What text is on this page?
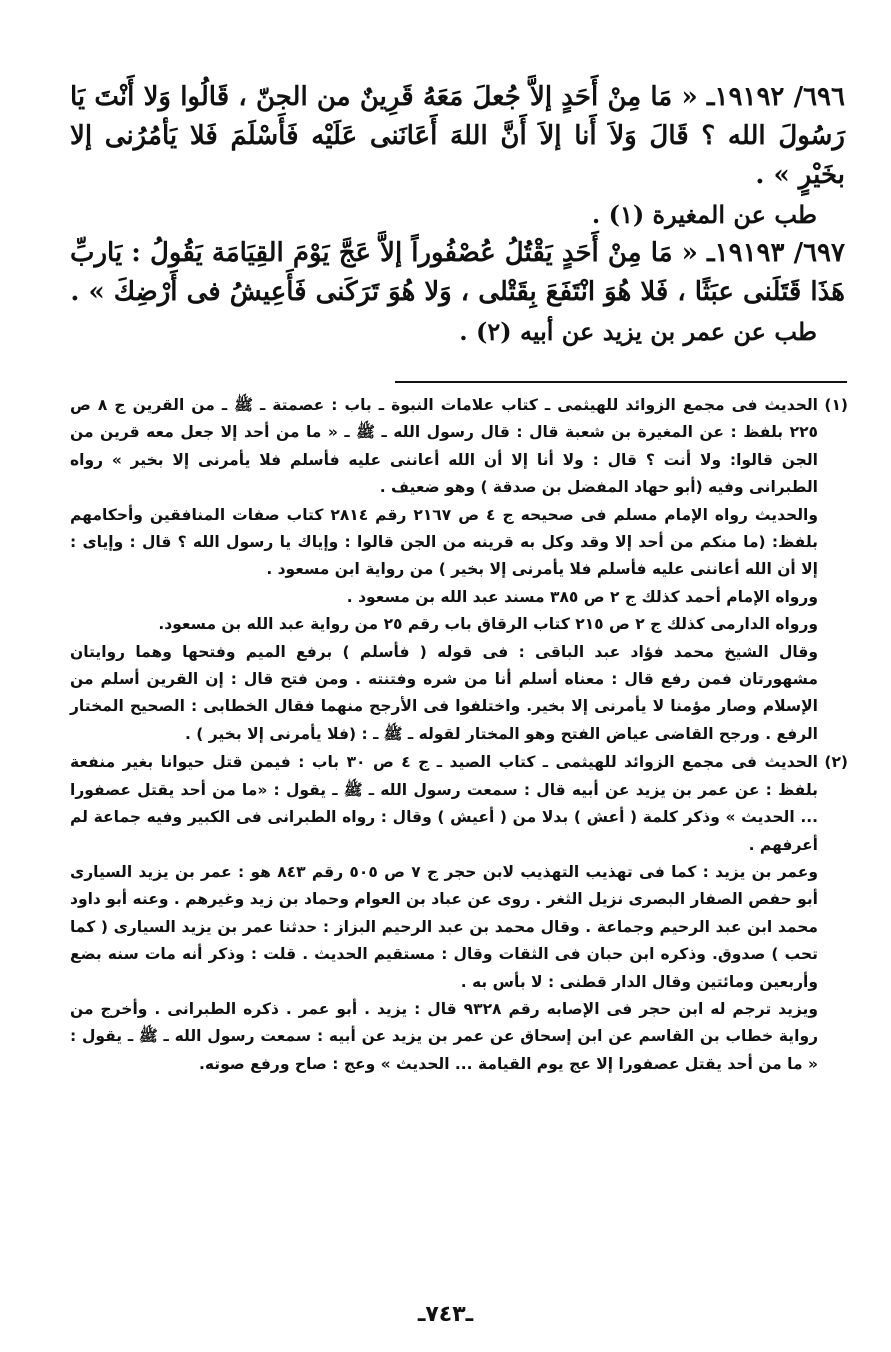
٦٩٦/ ١٩١٩٢ـ « مَا مِنْ أَحَدٍ إلاَّ جُعلَ مَعَهُ قَرِينٌ من الجنّ ، قَالُوا وَلا أَنْتَ يَا رَسُولَ الله ؟ قَالَ وَلاَ أَنا إلاَ أَنَّ اللهَ أَعَانَنى عَلَيْه فَأَسْلَمَ فَلا يَأمُرُنى إلا بخَيْرٍ » .

طب عن المغيرة (١) .

٦٩٧/ ١٩١٩٣ـ « مَا مِنْ أَحَدٍ يَقْتُلُ عُصْفُوراً إلاَّ عَجَّ يَوْمَ القِيَامَة يَقُولُ : يَاربِّ هَذَا قَتَلَنى عبَثًا ، فَلا هُوَ انْتَفَعَ بِقَتْلى ، وَلا هُوَ تَرَكَنى فَأَعِيشُ فى أَرْضِكَ » .

طب عن عمر بن يزيد عن أبيه (٢) .

(١)

الحديث فى مجمع الزوائد للهيثمى ـ كتاب علامات النبوة ـ باب : عصمتة ـ ﷺ ـ من القرين ج ٨ ص ٢٢٥ بلفظ : عن المغيرة بن شعبة قال : قال رسول الله ـ ﷺ ـ « ما من أحد إلا جعل معه قرين من الجن قالوا: ولا أنت ؟ قال : ولا أنا إلا أن الله أعاننى عليه فأسلم فلا يأمرنى إلا بخير » رواه الطبرانى وفيه (أبو حهاد المفضل بن صدقة ) وهو ضعيف .

والحديث رواه الإمام مسلم فى صحيحه ج ٤ ص ٢١٦٧ رقم ٢٨١٤ كتاب صفات المنافقين وأحكامهم بلفظ: (ما منكم من أحد إلا وقد وكل به قرينه من الجن قالوا : وإياك يا رسول الله ؟ قال : وإياى : إلا أن الله أعاننى عليه فأسلم فلا يأمرنى إلا بخير ) من رواية ابن مسعود .

ورواه الإمام أحمد كذلك ج ٢ ص ٣٨٥ مسند عبد الله بن مسعود .

ورواه الدارمى كذلك ج ٢ ص ٢١٥ كتاب الرقاق باب رقم ٢٥ من رواية عبد الله بن مسعود.

وقال الشيخ محمد فؤاد عبد الباقى : فى قوله ( فأسلم ) برفع الميم وفتحها وهما روايتان مشهورتان فمن رفع قال : معناه أسلم أنا من شره وفتنته . ومن فتح قال : إن القرين أسلم من الإسلام وصار مؤمنا لا يأمرنى إلا بخير. واختلفوا فى الأرجح منهما فقال الخطابى : الصحيح المختار الرفع . ورجح القاضى عياض الفتح وهو المختار لقوله ـ ﷺ ـ : (فلا يأمرنى إلا بخير ) .

(٢)

الحديث فى مجمع الزوائد للهيثمى ـ كتاب الصيد ـ ج ٤ ص ٣٠ باب : فيمن قتل حيوانا بغير منفعة بلفظ : عن عمر بن يزيد عن أبيه قال : سمعت رسول الله ـ ﷺ ـ يقول : «ما من أحد يقتل عصفورا ... الحديث » وذكر كلمة ( أعش ) بدلا من ( أعيش ) وقال : رواه الطبرانى فى الكبير وفيه جماعة لم أعرفهم .

وعمر بن يزيد : كما فى تهذيب التهذيب لابن حجر ج ٧ ص ٥٠٥ رقم ٨٤٣ هو : عمر بن يزيد السيارى أبو حفص الصفار البصرى نزيل الثغر . روى عن عباد بن العوام وحماد بن زيد وغيرهم . وعنه أبو داود محمد ابن عبد الرحيم وجماعة . وقال محمد بن عبد الرحيم البزاز : حدثنا عمر بن يزيد السيارى ( كما تحب ) صدوق. وذكره ابن حبان فى الثقات وقال : مستقيم الحديث . قلت : وذكر أنه مات سنه بضع وأربعين ومائتين وقال الدار قطنى : لا بأس به .

ويزيد ترجم له ابن حجر فى الإصابه رقم ٩٣٢٨ قال : يزيد . أبو عمر . ذكره الطبرانى . وأخرج من رواية خطاب بن القاسم عن ابن إسحاق عن عمر بن يزيد عن أبيه : سمعت رسول الله ـ ﷺ ـ يقول : « ما من أحد يقتل عصفورا إلا عج يوم القيامة ... الحديث » وعج : صاح ورفع صوته.

ـ٧٤٣ـ
